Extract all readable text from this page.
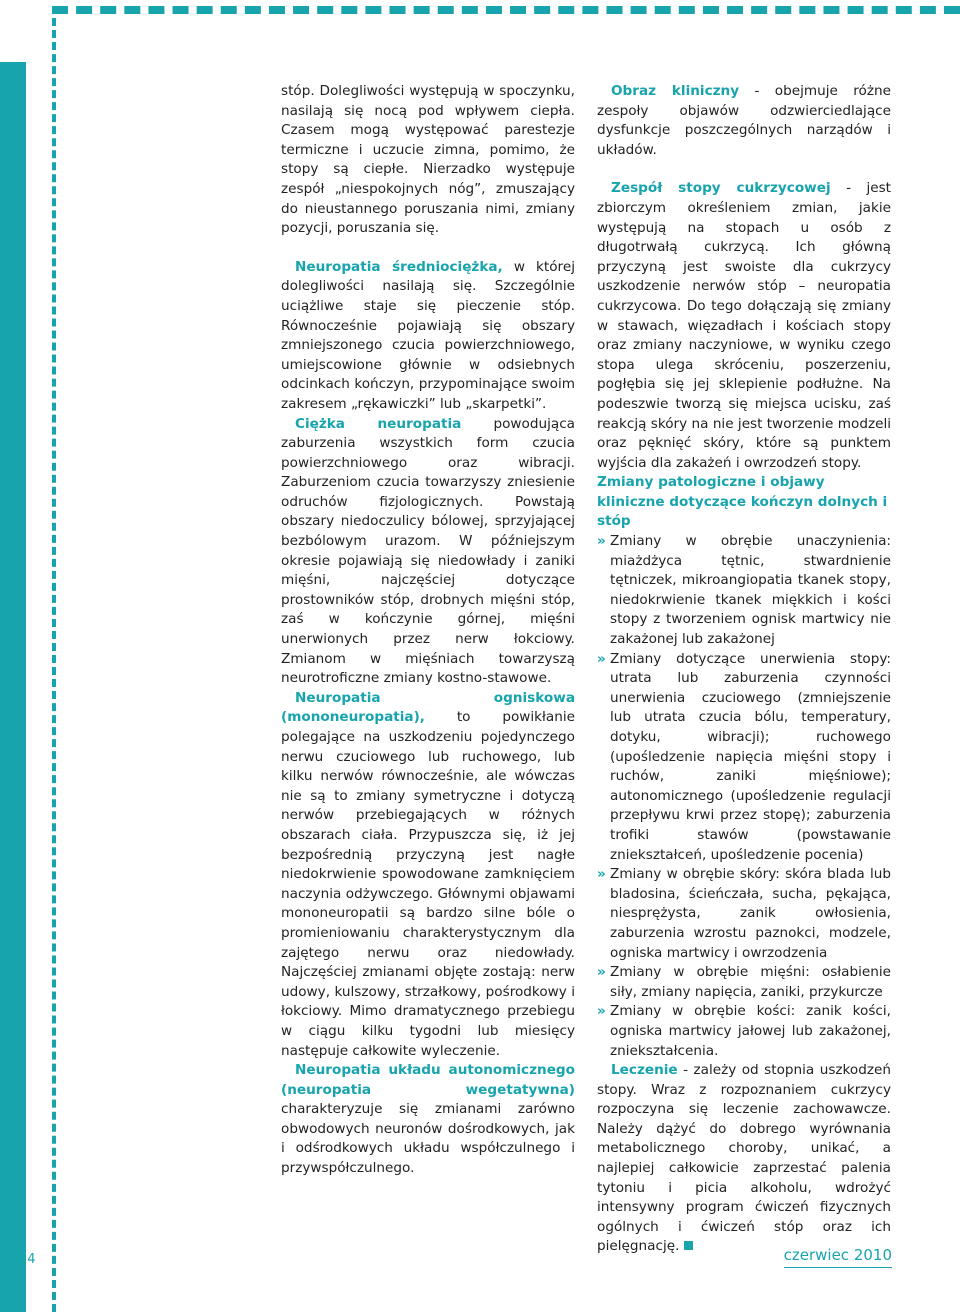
stóp. Dolegliwości występują w spoczynku, nasilają się nocą pod wpływem ciepła. Czasem mogą występować parestezje termiczne i uczucie zimna, pomimo, że stopy są ciepłe. Nierzadko występuje zespół „niespokojnych nóg”, zmuszający do nieustannego poruszania nimi, zmiany pozycji, poruszania się.

Neuropatia średniociężka, w której dolegliwości nasilają się. Szczególnie uciążliwe staje się pieczenie stóp. Równocześnie pojawiają się obszary zmniejszonego czucia powierzchniowego, umiejscowione głównie w odsiebnych odcinkach kończyn, przypominające swoim zakresem „rękawiczki” lub „skarpetki”.

Ciężka neuropatia powodująca zaburzenia wszystkich form czucia powierzchniowego oraz wibracji. Zaburzeniom czucia towarzyszy zniesienie odruchów fizjologicznych. Powstają obszary niedoczulicy bólowej, sprzyjającej bezbólowym urazom. W późniejszym okresie pojawiają się niedowłady i zaniki mięśni, najczęściej dotyczące prostowników stóp, drobnych mięśni stóp, zaś w kończynie górnej, mięśni unerwionych przez nerw łokciowy. Zmianom w mięśniach towarzyszą neurotroficzne zmiany kostno-stawowe.

Neuropatia ogniskowa (mononeuropatia), to powikłanie polegające na uszkodzeniu pojedynczego nerwu czuciowego lub ruchowego, lub kilku nerwów równocześnie, ale wówczas nie są to zmiany symetryczne i dotyczą nerwów przebiegających w różnych obszarach ciała. Przypuszcza się, iż jej bezpośrednią przyczyną jest nagłe niedokrwienie spowodowane zamknięciem naczynia odżywczego. Głównymi objawami mononeuropatii są bardzo silne bóle o promieniowaniu charakterystycznym dla zajętego nerwu oraz niedowłady. Najczęściej zmianami objęte zostają: nerw udowy, kulszowy, strzałkowy, pośrodkowy i łokciowy. Mimo dramatycznego przebiegu w ciągu kilku tygodni lub miesięcy następuje całkowite wyleczenie.

Neuropatia układu autonomicznego (neuropatia wegetatywna) charakteryzuje się zmianami zarówno obwodowych neuronów dośrodkowych, jak i odśrodkowych układu współczulnego i przywspółczulnego.

Obraz kliniczny - obejmuje różne zespoły objawów odzwierciedlające dysfunkcje poszczególnych narządów i układów.

Zespół stopy cukrzycowej - jest zbiorczym określeniem zmian, jakie występują na stopach u osób z długotrwałą cukrzycą. Ich główną przyczyną jest swoiste dla cukrzycy uszkodzenie nerwów stóp – neuropatia cukrzycowa. Do tego dołączają się zmiany w stawach, więzadłach i kościach stopy oraz zmiany naczyniowe, w wyniku czego stopa ulega skróceniu, poszerzeniu, pogłębia się jej sklepienie podłużne. Na podeszwie tworzą się miejsca ucisku, zaś reakcją skóry na nie jest tworzenie modzeli oraz pęknięć skóry, które są punktem wyjścia dla zakażeń i owrzodzeń stopy.

Zmiany patologiczne i objawy kliniczne dotyczące kończyn dolnych i stóp

» Zmiany w obrębie unaczynienia: miażdżyca tętnic, stwardnienie tętniczek, mikroangiopatia tkanek stopy, niedokrwienie tkanek miękkich i kości stopy z tworzeniem ognisk martwicy nie zakażonej lub zakażonej
» Zmiany dotyczące unerwienia stopy: utrata lub zaburzenia czynności unerwienia czuciowego (zmniejszenie lub utrata czucia bólu, temperatury, dotyku, wibracji); ruchowego (upośledzenie napięcia mięśni stopy i ruchów, zaniki mięśniowe); autonomicznego (upośledzenie regulacji przepływu krwi przez stopę); zaburzenia trofiki stawów (powstawanie zniekształceń, upośledzenie pocenia)
» Zmiany w obrębie skóry: skóra blada lub bladosina, ścieńczała, sucha, pękająca, niesprężysta, zanik owłosienia, zaburzenia wzrostu paznokci, modzele, ogniska martwicy i owrzodzenia
» Zmiany w obrębie mięśni: osłabienie siły, zmiany napięcia, zaniki, przykurcze
» Zmiany w obrębie kości: zanik kości, ogniska martwicy jałowej lub zakażonej, zniekształcenia.

Leczenie - zależy od stopnia uszkodzeń stopy. Wraz z rozpoznaniem cukrzycy rozpoczyna się leczenie zachowawcze. Należy dążyć do dobrego wyrównania metabolicznego choroby, unikać, a najlepiej całkowicie zaprzestać palenia tytoniu i picia alkoholu, wdrożyć intensywny program ćwiczeń fizycznych ogólnych i ćwiczeń stóp oraz ich pielęgnację.

14	czerwiec 2010
